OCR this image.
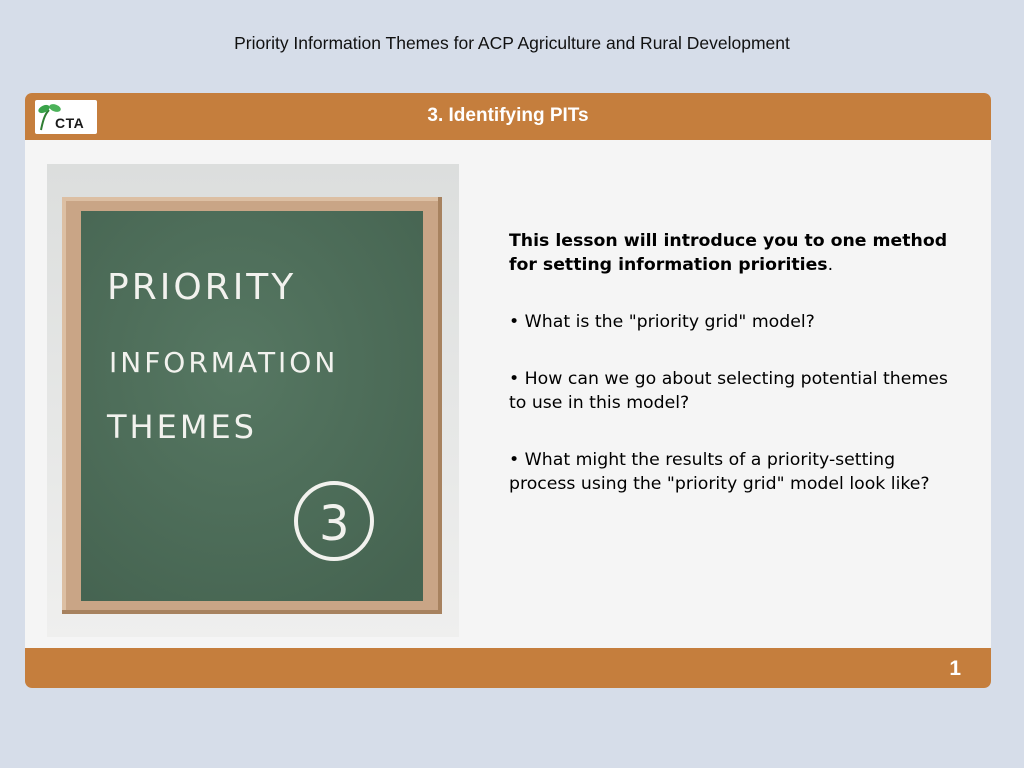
Priority Information Themes for ACP Agriculture and Rural Development
CTA	3. Identifying PITs
PRIORITY
INFORMATION
THEMES
3

This lesson will introduce you to one method for setting information priorities.

• What is the "priority grid" model?

• How can we go about selecting potential themes to use in this model?

• What might the results of a priority-setting process using the "priority grid" model look like?

1
